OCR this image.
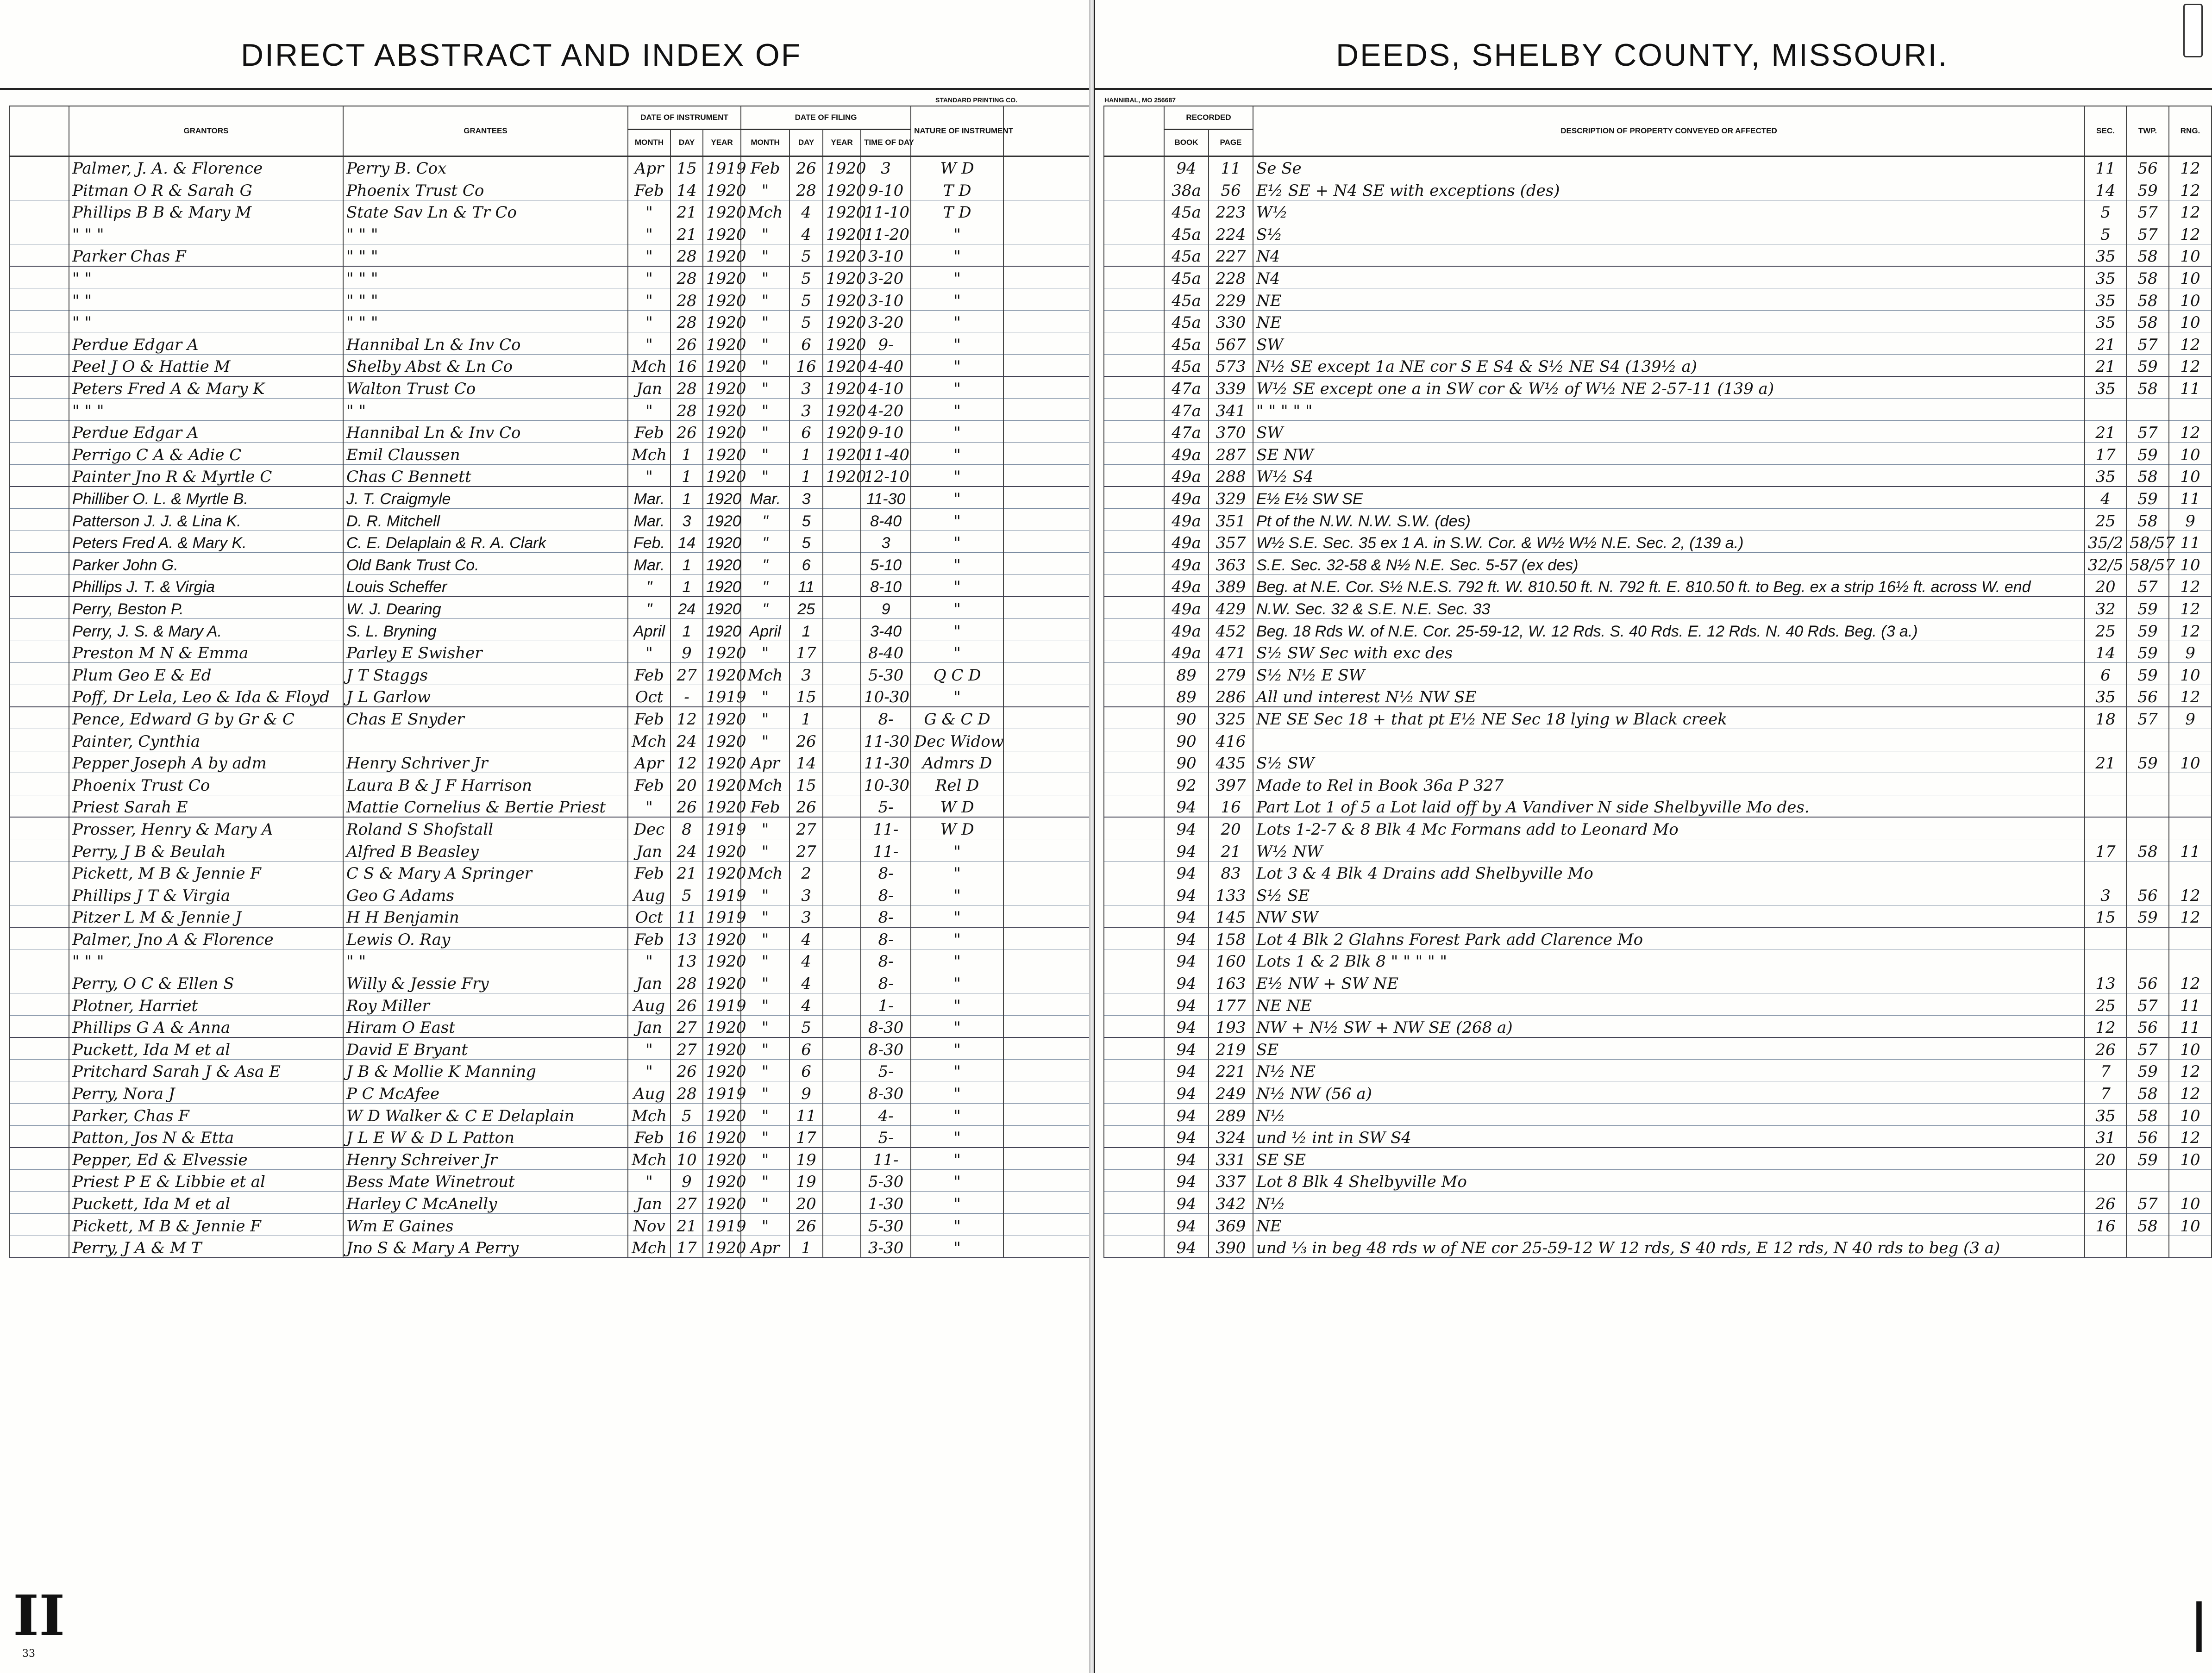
DIRECT ABSTRACT AND INDEX OF
STANDARD PRINTING CO.
	GRANTORS	GRANTEES	DATE OF INSTRUMENT			DATE OF FILING				NATURE OF INSTRUMENT	
			MONTH	DAY	YEAR	MONTH	DAY	YEAR	TIME OF DAY		
	Palmer, J. A. & Florence	Perry B. Cox	Apr	15	1919	Feb	26	1920	3	W D	
	Pitman O R & Sarah G	Phoenix Trust Co	Feb	14	1920	"	28	1920	9-10	T D	
	Phillips B B & Mary M	State Sav Ln & Tr Co	"	21	1920	Mch	4	1920	11-10	T D	
	" " "	" " "	"	21	1920	"	4	1920	11-20	"	
	Parker Chas F	" " "	"	28	1920	"	5	1920	3-10	"	
	" "	" " "	"	28	1920	"	5	1920	3-20	"	
	" "	" " "	"	28	1920	"	5	1920	3-10	"	
	" "	" " "	"	28	1920	"	5	1920	3-20	"	
	Perdue Edgar A	Hannibal Ln & Inv Co	"	26	1920	"	6	1920	9-	"	
	Peel J O & Hattie M	Shelby Abst & Ln Co	Mch	16	1920	"	16	1920	4-40	"	
	Peters Fred A & Mary K	Walton Trust Co	Jan	28	1920	"	3	1920	4-10	"	
	" " "	" "	"	28	1920	"	3	1920	4-20	"	
	Perdue Edgar A	Hannibal Ln & Inv Co	Feb	26	1920	"	6	1920	9-10	"	
	Perrigo C A & Adie C	Emil Claussen	Mch	1	1920	"	1	1920	11-40	"	
	Painter Jno R & Myrtle C	Chas C Bennett	"	1	1920	"	1	1920	12-10	"	
	Philliber O. L. & Myrtle B.	J. T. Craigmyle	Mar.	1	1920	Mar.	3		11-30	"	
	Patterson J. J. & Lina K.	D. R. Mitchell	Mar.	3	1920	"	5		8-40	"	
	Peters Fred A. & Mary K.	C. E. Delaplain & R. A. Clark	Feb.	14	1920	"	5		3	"	
	Parker John G.	Old Bank Trust Co.	Mar.	1	1920	"	6		5-10	"	
	Phillips J. T. & Virgia	Louis Scheffer	"	1	1920	"	11		8-10	"	
	Perry, Beston P.	W. J. Dearing	"	24	1920	"	25		9	"	
	Perry, J. S. & Mary A.	S. L. Bryning	April	1	1920	April	1		3-40	"	
	Preston M N & Emma	Parley E Swisher	"	9	1920	"	17		8-40	"	
	Plum Geo E & Ed	J T Staggs	Feb	27	1920	Mch	3		5-30	Q C D	
	Poff, Dr Lela, Leo & Ida & Floyd	J L Garlow	Oct	-	1919	"	15		10-30	"	
	Pence, Edward G by Gr & C	Chas E Snyder	Feb	12	1920	"	1		8-	G & C D	
	Painter, Cynthia		Mch	24	1920	"	26		11-30	Dec Widow	
	Pepper Joseph A by adm	Henry Schriver Jr	Apr	12	1920	Apr	14		11-30	Admrs D	
	Phoenix Trust Co	Laura B & J F Harrison	Feb	20	1920	Mch	15		10-30	Rel D	
	Priest Sarah E	Mattie Cornelius & Bertie Priest	"	26	1920	Feb	26		5-	W D	
	Prosser, Henry & Mary A	Roland S Shofstall	Dec	8	1919	"	27		11-	W D	
	Perry, J B & Beulah	Alfred B Beasley	Jan	24	1920	"	27		11-	"	
	Pickett, M B & Jennie F	C S & Mary A Springer	Feb	21	1920	Mch	2		8-	"	
	Phillips J T & Virgia	Geo G Adams	Aug	5	1919	"	3		8-	"	
	Pitzer L M & Jennie J	H H Benjamin	Oct	11	1919	"	3		8-	"	
	Palmer, Jno A & Florence	Lewis O. Ray	Feb	13	1920	"	4		8-	"	
	" " "	" "	"	13	1920	"	4		8-	"	
	Perry, O C & Ellen S	Willy & Jessie Fry	Jan	28	1920	"	4		8-	"	
	Plotner, Harriet	Roy Miller	Aug	26	1919	"	4		1-	"	
	Phillips G A & Anna	Hiram O East	Jan	27	1920	"	5		8-30	"	
	Puckett, Ida M et al	David E Bryant	"	27	1920	"	6		8-30	"	
	Pritchard Sarah J & Asa E	J B & Mollie K Manning	"	26	1920	"	6		5-	"	
	Perry, Nora J	P C McAfee	Aug	28	1919	"	9		8-30	"	
	Parker, Chas F	W D Walker & C E Delaplain	Mch	5	1920	"	11		4-	"	
	Patton, Jos N & Etta	J L E W & D L Patton	Feb	16	1920	"	17		5-	"	
	Pepper, Ed & Elvessie	Henry Schreiver Jr	Mch	10	1920	"	19		11-	"	
	Priest P E & Libbie et al	Bess Mate Winetrout	"	9	1920	"	19		5-30	"	
	Puckett, Ida M et al	Harley C McAnelly	Jan	27	1920	"	20		1-30	"	
	Pickett, M B & Jennie F	Wm E Gaines	Nov	21	1919	"	26		5-30	"	
	Perry, J A & M T	Jno S & Mary A Perry	Mch	17	1920	Apr	1		3-30	"	
II
33
DEEDS, SHELBY COUNTY, MISSOURI.
HANNIBAL, MO 256687
	RECORDED		DESCRIPTION OF PROPERTY CONVEYED OR AFFECTED	SEC.	TWP.	RNG.
	BOOK	PAGE				
	94	11	Se Se	11	56	12
	38a	56	E½ SE + N4 SE with exceptions (des)	14	59	12
	45a	223	W½	5	57	12
	45a	224	S½	5	57	12
	45a	227	N4	35	58	10
	45a	228	N4	35	58	10
	45a	229	NE	35	58	10
	45a	330	NE	35	58	10
	45a	567	SW	21	57	12
	45a	573	N½ SE except 1a NE cor S E S4 & S½ NE S4 (139½ a)	21	59	12
	47a	339	W½ SE except one a in SW cor & W½ of W½ NE 2-57-11 (139 a)	35	58	11
	47a	341	" " " " "			
	47a	370	SW	21	57	12
	49a	287	SE NW	17	59	10
	49a	288	W½ S4	35	58	10
	49a	329	E½ E½ SW SE	4	59	11
	49a	351	Pt of the N.W. N.W. S.W. (des)	25	58	9
	49a	357	W½ S.E. Sec. 35 ex 1 A. in S.W. Cor. & W½ W½ N.E. Sec. 2, (139 a.)	35/2	58/57	11
	49a	363	S.E. Sec. 32-58 & N½ N.E. Sec. 5-57 (ex des)	32/5	58/57	10
	49a	389	Beg. at N.E. Cor. S½ N.E.S. 792 ft. W. 810.50 ft. N. 792 ft. E. 810.50 ft. to Beg. ex a strip 16½ ft. across W. end	20	57	12
	49a	429	N.W. Sec. 32 & S.E. N.E. Sec. 33	32	59	12
	49a	452	Beg. 18 Rds W. of N.E. Cor. 25-59-12, W. 12 Rds. S. 40 Rds. E. 12 Rds. N. 40 Rds. Beg. (3 a.)	25	59	12
	49a	471	S½ SW Sec with exc des	14	59	9
	89	279	S½ N½ E SW	6	59	10
	89	286	All und interest N½ NW SE	35	56	12
	90	325	NE SE Sec 18 + that pt E½ NE Sec 18 lying w Black creek	18	57	9
	90	416				
	90	435	S½ SW	21	59	10
	92	397	Made to Rel in Book 36a P 327			
	94	16	Part Lot 1 of 5 a Lot laid off by A Vandiver N side Shelbyville Mo des.			
	94	20	Lots 1-2-7 & 8 Blk 4 Mc Formans add to Leonard Mo			
	94	21	W½ NW	17	58	11
	94	83	Lot 3 & 4 Blk 4 Drains add Shelbyville Mo			
	94	133	S½ SE	3	56	12
	94	145	NW SW	15	59	12
	94	158	Lot 4 Blk 2 Glahns Forest Park add Clarence Mo			
	94	160	Lots 1 & 2 Blk 8 " " " " "			
	94	163	E½ NW + SW NE	13	56	12
	94	177	NE NE	25	57	11
	94	193	NW + N½ SW + NW SE (268 a)	12	56	11
	94	219	SE	26	57	10
	94	221	N½ NE	7	59	12
	94	249	N½ NW (56 a)	7	58	12
	94	289	N½	35	58	10
	94	324	und ½ int in SW S4	31	56	12
	94	331	SE SE	20	59	10
	94	337	Lot 8 Blk 4 Shelbyville Mo			
	94	342	N½	26	57	10
	94	369	NE	16	58	10
	94	390	und ⅓ in beg 48 rds w of NE cor 25-59-12 W 12 rds, S 40 rds, E 12 rds, N 40 rds to beg (3 a)			
|
